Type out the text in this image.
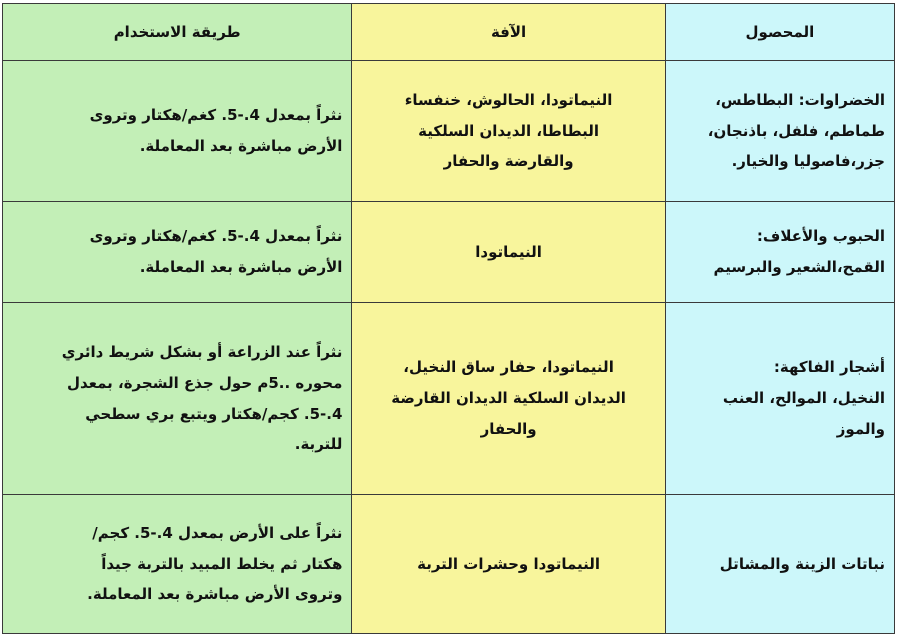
المحصول	الآفة	طريقة الاستخدام

الخضراوات: البطاطس،
طماطم، فلفل، باذنجان،
جزر،فاصوليا والخيار.	النيماتودا، الحالوش، خنفساء
البطاطا، الديدان السلكية
والقارضة والحفار	نثراً بمعدل 4.-5. كغم/هكتار وتروى
الأرض مباشرة بعد المعاملة.

الحبوب والأعلاف:
القمح،الشعير والبرسيم	النيماتودا	نثراً بمعدل 4.-5. كغم/هكتار وتروى
الأرض مباشرة بعد المعاملة.

أشجار الفاكهة:
النخيل، الموالح، العنب
والموز	النيماتودا، حفار ساق النخيل،
الديدان السلكية الديدان القارضة
والحفار	نثراً عند الزراعة أو بشكل شريط دائري
محوره ..5م حول جذع الشجرة، بمعدل
4.-5. كجم/هكتار ويتبع بري سطحي
للتربة.

نباتات الزينة والمشاتل	النيماتودا وحشرات التربة	نثراً على الأرض بمعدل 4.-5. كجم/
هكتار ثم يخلط المبيد بالتربة جيداً
وتروى الأرض مباشرة بعد المعاملة.
